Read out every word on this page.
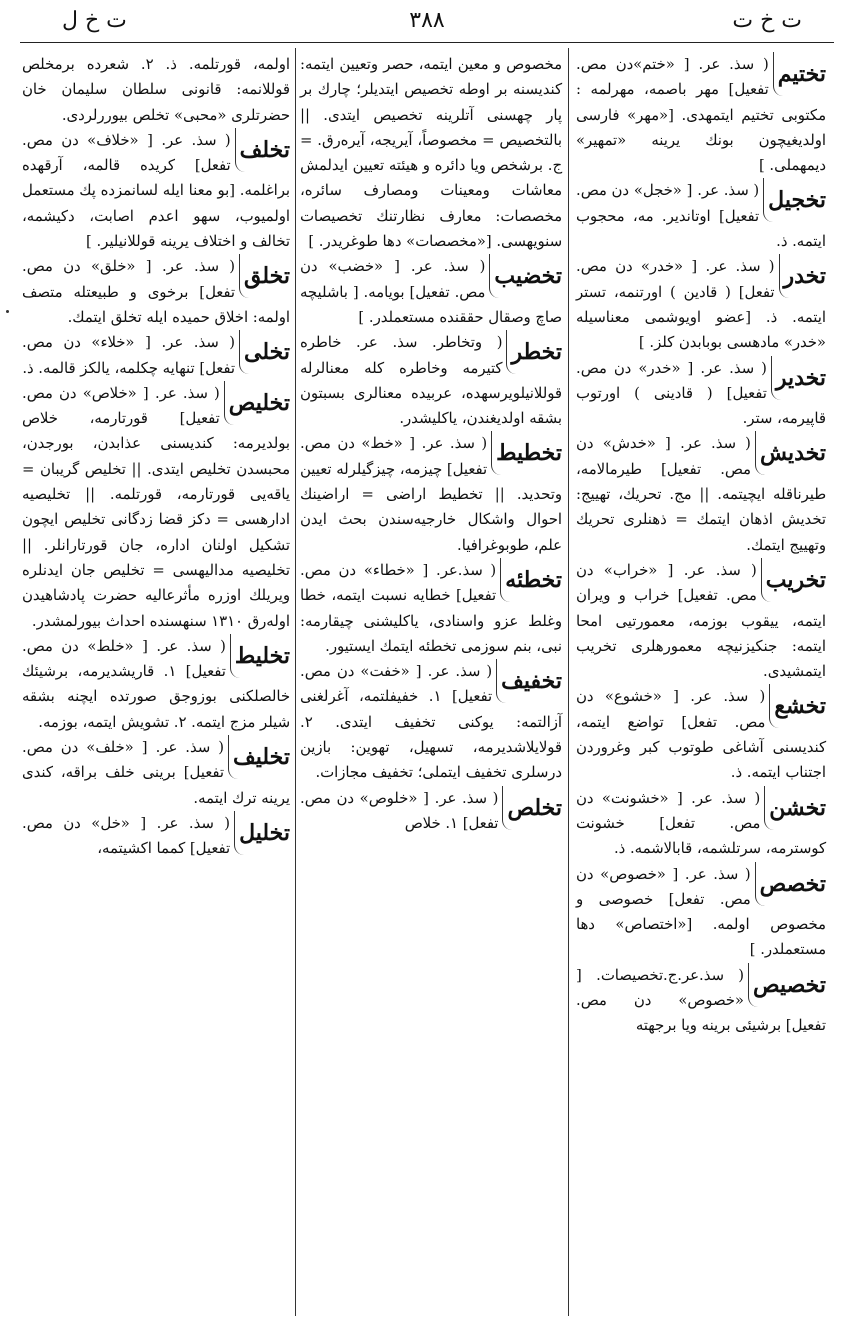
ت خ ت
٣٨٨
ت خ ل
تختيم
( سذ. عر. [ «ختم»دن مص. تفعيل] مهر باصمه، مهرلمه : مكتوبى تختيم ايتمهدى. [«مهر» فارسى اولديغيچون بونك يرينه «تمهير» ديمهملى. ]
تخجيل
( سذ. عر. [ «خجل» دن مص. تفعيل] اوتاندير. مه، محجوب ايتمه. ذ.
تخدر
( سذ. عر. [ «خدر» دن مص. تفعل] ( قادين ) اورتنمه، تستر ايتمه. ذ. [عضو اويوشمى معناسيله «خدر» مادهسى بوبابدن كلز. ]
تخدير
( سذ. عر. [ «خدر» دن مص. تفعيل] ( قادينى ) اورتوب قاپيرمه، ستر.
تخديش
( سذ. عر. [ «خدش» دن مص. تفعيل] طيرمالامه، طيرناقله ايچيتمه. || مج. تحريك، تهييج: تخديش اذهان ايتمك = ذهنلرى تحريك وتهييج ايتمك.
تخريب
( سذ. عر. [ «خراب» دن مص. تفعيل] خراب و ويران ايتمه، ييقوب بوزمه، معمورتيى امحا ايتمه: جنكيزنيچه معمورهلرى تخريب ايتمشيدى.
تخشع
( سذ. عر. [ «خشوع» دن مص. تفعل] تواضع ايتمه، كنديسنى آشاغى طوتوب كبر وغروردن اجتناب ايتمه. ذ.
تخشن
( سذ. عر. [ «خشونت» دن مص. تفعل] خشونت كوسترمه، سرتلشمه، قابالاشمه. ذ.
تخصص
( سذ. عر. [ «خصوص» دن مص. تفعل] خصوصى و مخصوص اولمه. [«اختصاص» دها مستعملدر. ]
تخصيص
( سذ.عر.ج.تخصيصات. [ «خصوص» دن مص. تفعيل] برشيئى برينه ويا برجهته
مخصوص و معين ايتمه، حصر وتعيين ايتمه: كنديسنه بر اوطه تخصيص ايتديلر؛ چارك بر پار چهسنى آتلرينه تخصيص ايتدى. || بالتخصيص = مخصوصاً، آيريجه، آيرەرق. = ج. برشخص ويا دائره و هيئته تعيين ايدلمش معاشات ومعينات ومصارف سائره، مخصصات: معارف نظارتنك تخصيصات سنويهسى. [«مخصصات» دها طوغريدر. ]
تخضيب
( سذ. عر. [ «خضب» دن مص. تفعيل] بويامه. [ باشليچه صاچ وصقال حققنده مستعملدر. ]
تخطر
( وتخاطر. سذ. عر. خاطره كتيرمه وخاطره كله معنالرله قوللانيلويرسهده، عربيده معنالرى بسبتون بشقه اولديغندن، ياكليشدر.
تخطيط
( سذ. عر. [ «خط» دن مص. تفعيل] چيزمه، چيزگيلرله تعيين وتحديد. || تخطيط اراضى = اراضينك احوال واشكال خارجيەسندن بحث ايدن علم، طوبوغرافيا.
تخطئه
( سذ.عر. [ «خطاء» دن مص. تفعيل] خطايه نسبت ايتمه، خطا وغلط عزو واسنادى، ياكليشنى چيقارمه: نبى، بنم سوزمى تخطئه ايتمك ايستيور.
تخفيف
( سذ. عر. [ «خفت» دن مص. تفعيل] ١. خفيفلتمه، آغرلغنى آزالتمه: يوكنى تخفيف ايتدى. ٢. قولايلاشديرمه، تسهيل، تهوين: بازين درسلرى تخفيف ايتملى؛ تخفيف مجازات.
تخلص
( سذ. عر. [ «خلوص» دن مص. تفعل] ١. خلاص
اولمه، قورتلمه. ذ. ٢. شعرده برمخلص قوللانمه: قانونى سلطان سليمان خان حضرتلرى «محبى» تخلص بيوررلردى.
تخلف
( سذ. عر. [ «خلاف» دن مص. تفعل] كريده قالمه، آرقهده براغلمه. [بو معنا ايله لسانمزده پك مستعمل اولميوب، سهو اعدم اصابت، دكيشمه، تخالف و اختلاف يرينه قوللانيلير. ]
تخلق
( سذ. عر. [ «خلق» دن مص. تفعل] برخوى و طبيعتله متصف اولمه: اخلاق حميده ايله تخلق ايتمك.
تخلى
( سذ. عر. [ «خلاء» دن مص. تفعل] تنهايه چكلمه، يالكز قالمه. ذ.
تخليص
( سذ. عر. [ «خلاص» دن مص. تفعيل] قورتارمه، خلاص بولديرمه: كنديسنى عذابدن، بورجدن، محبسدن تخليص ايتدى. || تخليص گريبان = ياقەيى قورتارمه، قورتلمه. || تخليصيه ادارهسى = دكز قضا زدگانى تخليص ايچون تشكيل اولنان اداره، جان قورتارانلر. || تخليصيه مداليهسى = تخليص جان ايدنلره ويريلك اوزره مأثرعاليه حضرت پادشاهيدن اولەرق ١٣١٠ سنهسنده احداث بيورلمشدر.
تخليط
( سذ. عر. [ «خلط» دن مص. تفعيل] ١. قاريشديرمه، برشيئك خالصلكنى بوزوجق صورتده ايچنه بشقه شيلر مزج ايتمه. ٢. تشويش ايتمه، بوزمه.
تخليف
( سذ. عر. [ «خلف» دن مص. تفعيل] برينى خلف براقه، كندى يرينه ترك ايتمه.
تخليل
( سذ. عر. [ «خل» دن مص. تفعيل] كمما اكشيتمه،
